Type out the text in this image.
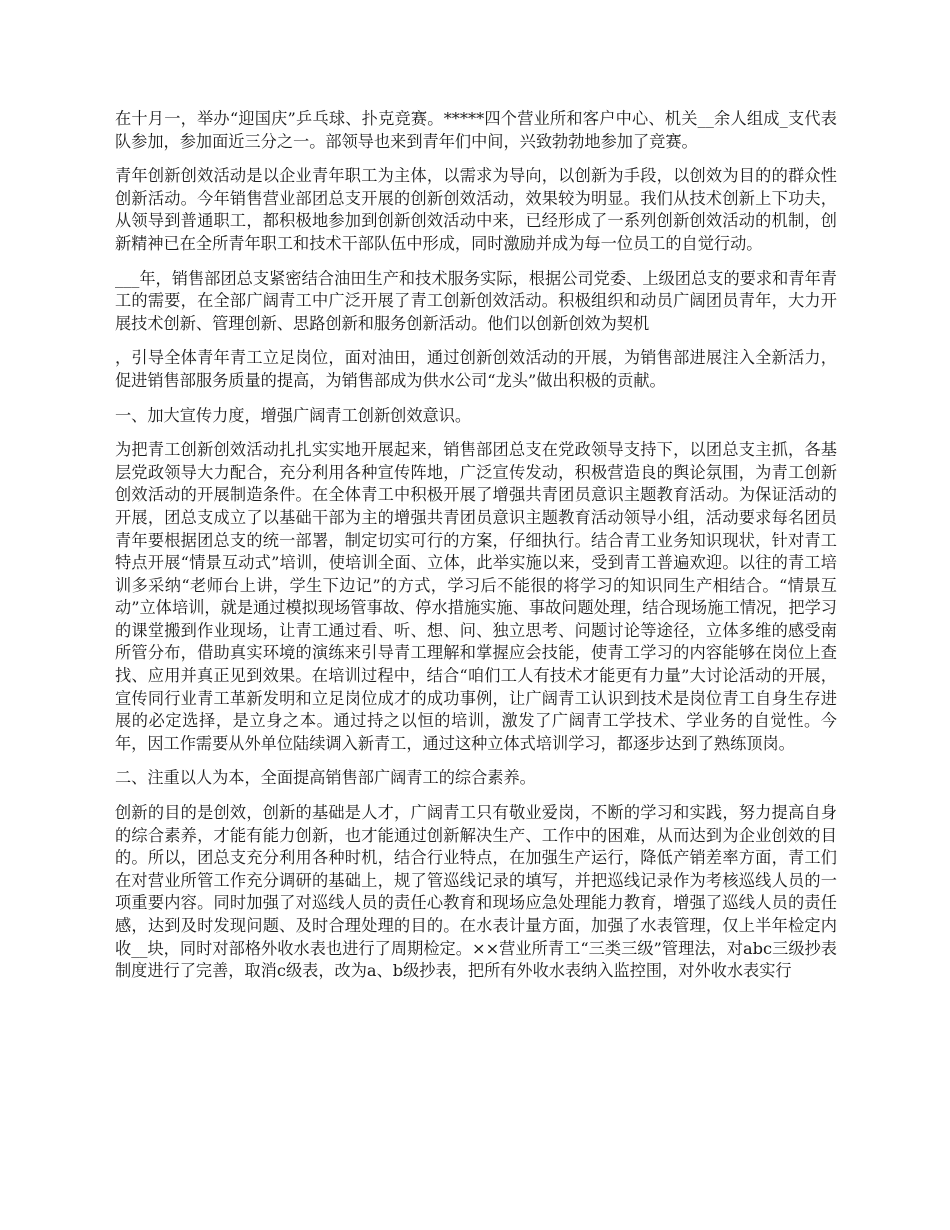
在十月一，举办“迎国庆”乒乓球、扑克竞赛。*****四个营业所和客户中心、机关__余人组成_支代表队参加，参加面近三分之一。部领导也来到青年们中间，兴致勃勃地参加了竞赛。

青年创新创效活动是以企业青年职工为主体，以需求为导向，以创新为手段，以创效为目的的群众性创新活动。今年销售营业部团总支开展的创新创效活动，效果较为明显。我们从技术创新上下功夫，从领导到普通职工，都积极地参加到创新创效活动中来，已经形成了一系列创新创效活动的机制，创新精神已在全所青年职工和技术干部队伍中形成，同时激励并成为每一位员工的自觉行动。

___年，销售部团总支紧密结合油田生产和技术服务实际，根据公司党委、上级团总支的要求和青年青工的需要，在全部广阔青工中广泛开展了青工创新创效活动。积极组织和动员广阔团员青年，大力开展技术创新、管理创新、思路创新和服务创新活动。他们以创新创效为契机

，引导全体青年青工立足岗位，面对油田，通过创新创效活动的开展，为销售部进展注入全新活力，促进销售部服务质量的提高，为销售部成为供水公司“龙头”做出积极的贡献。

一、加大宣传力度，增强广阔青工创新创效意识。

为把青工创新创效活动扎扎实实地开展起来，销售部团总支在党政领导支持下，以团总支主抓，各基层党政领导大力配合，充分利用各种宣传阵地，广泛宣传发动，积极营造良的舆论氛围，为青工创新创效活动的开展制造条件。在全体青工中积极开展了增强共青团员意识主题教育活动。为保证活动的开展，团总支成立了以基础干部为主的增强共青团员意识主题教育活动领导小组，活动要求每名团员青年要根据团总支的统一部署，制定切实可行的方案，仔细执行。结合青工业务知识现状，针对青工特点开展“情景互动式”培训，使培训全面、立体，此举实施以来，受到青工普遍欢迎。以往的青工培训多采纳“老师台上讲，学生下边记”的方式，学习后不能很的将学习的知识同生产相结合。“情景互动”立体培训，就是通过模拟现场管事故、停水措施实施、事故问题处理，结合现场施工情况，把学习的课堂搬到作业现场，让青工通过看、听、想、问、独立思考、问题讨论等途径，立体多维的感受南所管分布，借助真实环境的演练来引导青工理解和掌握应会技能，使青工学习的内容能够在岗位上查找、应用并真正见到效果。在培训过程中，结合“咱们工人有技术才能更有力量”大讨论活动的开展，宣传同行业青工革新发明和立足岗位成才的成功事例，让广阔青工认识到技术是岗位青工自身生存进展的必定选择，是立身之本。通过持之以恒的培训，激发了广阔青工学技术、学业务的自觉性。今年，因工作需要从外单位陆续调入新青工，通过这种立体式培训学习，都逐步达到了熟练顶岗。

二、注重以人为本，全面提高销售部广阔青工的综合素养。

创新的目的是创效，创新的基础是人才，广阔青工只有敬业爱岗，不断的学习和实践，努力提高自身的综合素养，才能有能力创新，也才能通过创新解决生产、工作中的困难，从而达到为企业创效的目的。所以，团总支充分利用各种时机，结合行业特点，在加强生产运行，降低产销差率方面，青工们在对营业所管工作充分调研的基础上，规了管巡线记录的填写，并把巡线记录作为考核巡线人员的一项重要内容。同时加强了对巡线人员的责任心教育和现场应急处理能力教育，增强了巡线人员的责任感，达到及时发现问题、及时合理处理的目的。在水表计量方面，加强了水表管理，仅上半年检定内收__块，同时对部格外收水表也进行了周期检定。××营业所青工“三类三级”管理法，对abc三级抄表制度进行了完善，取消c级表，改为a、b级抄表，把所有外收水表纳入监控围，对外收水表实行
